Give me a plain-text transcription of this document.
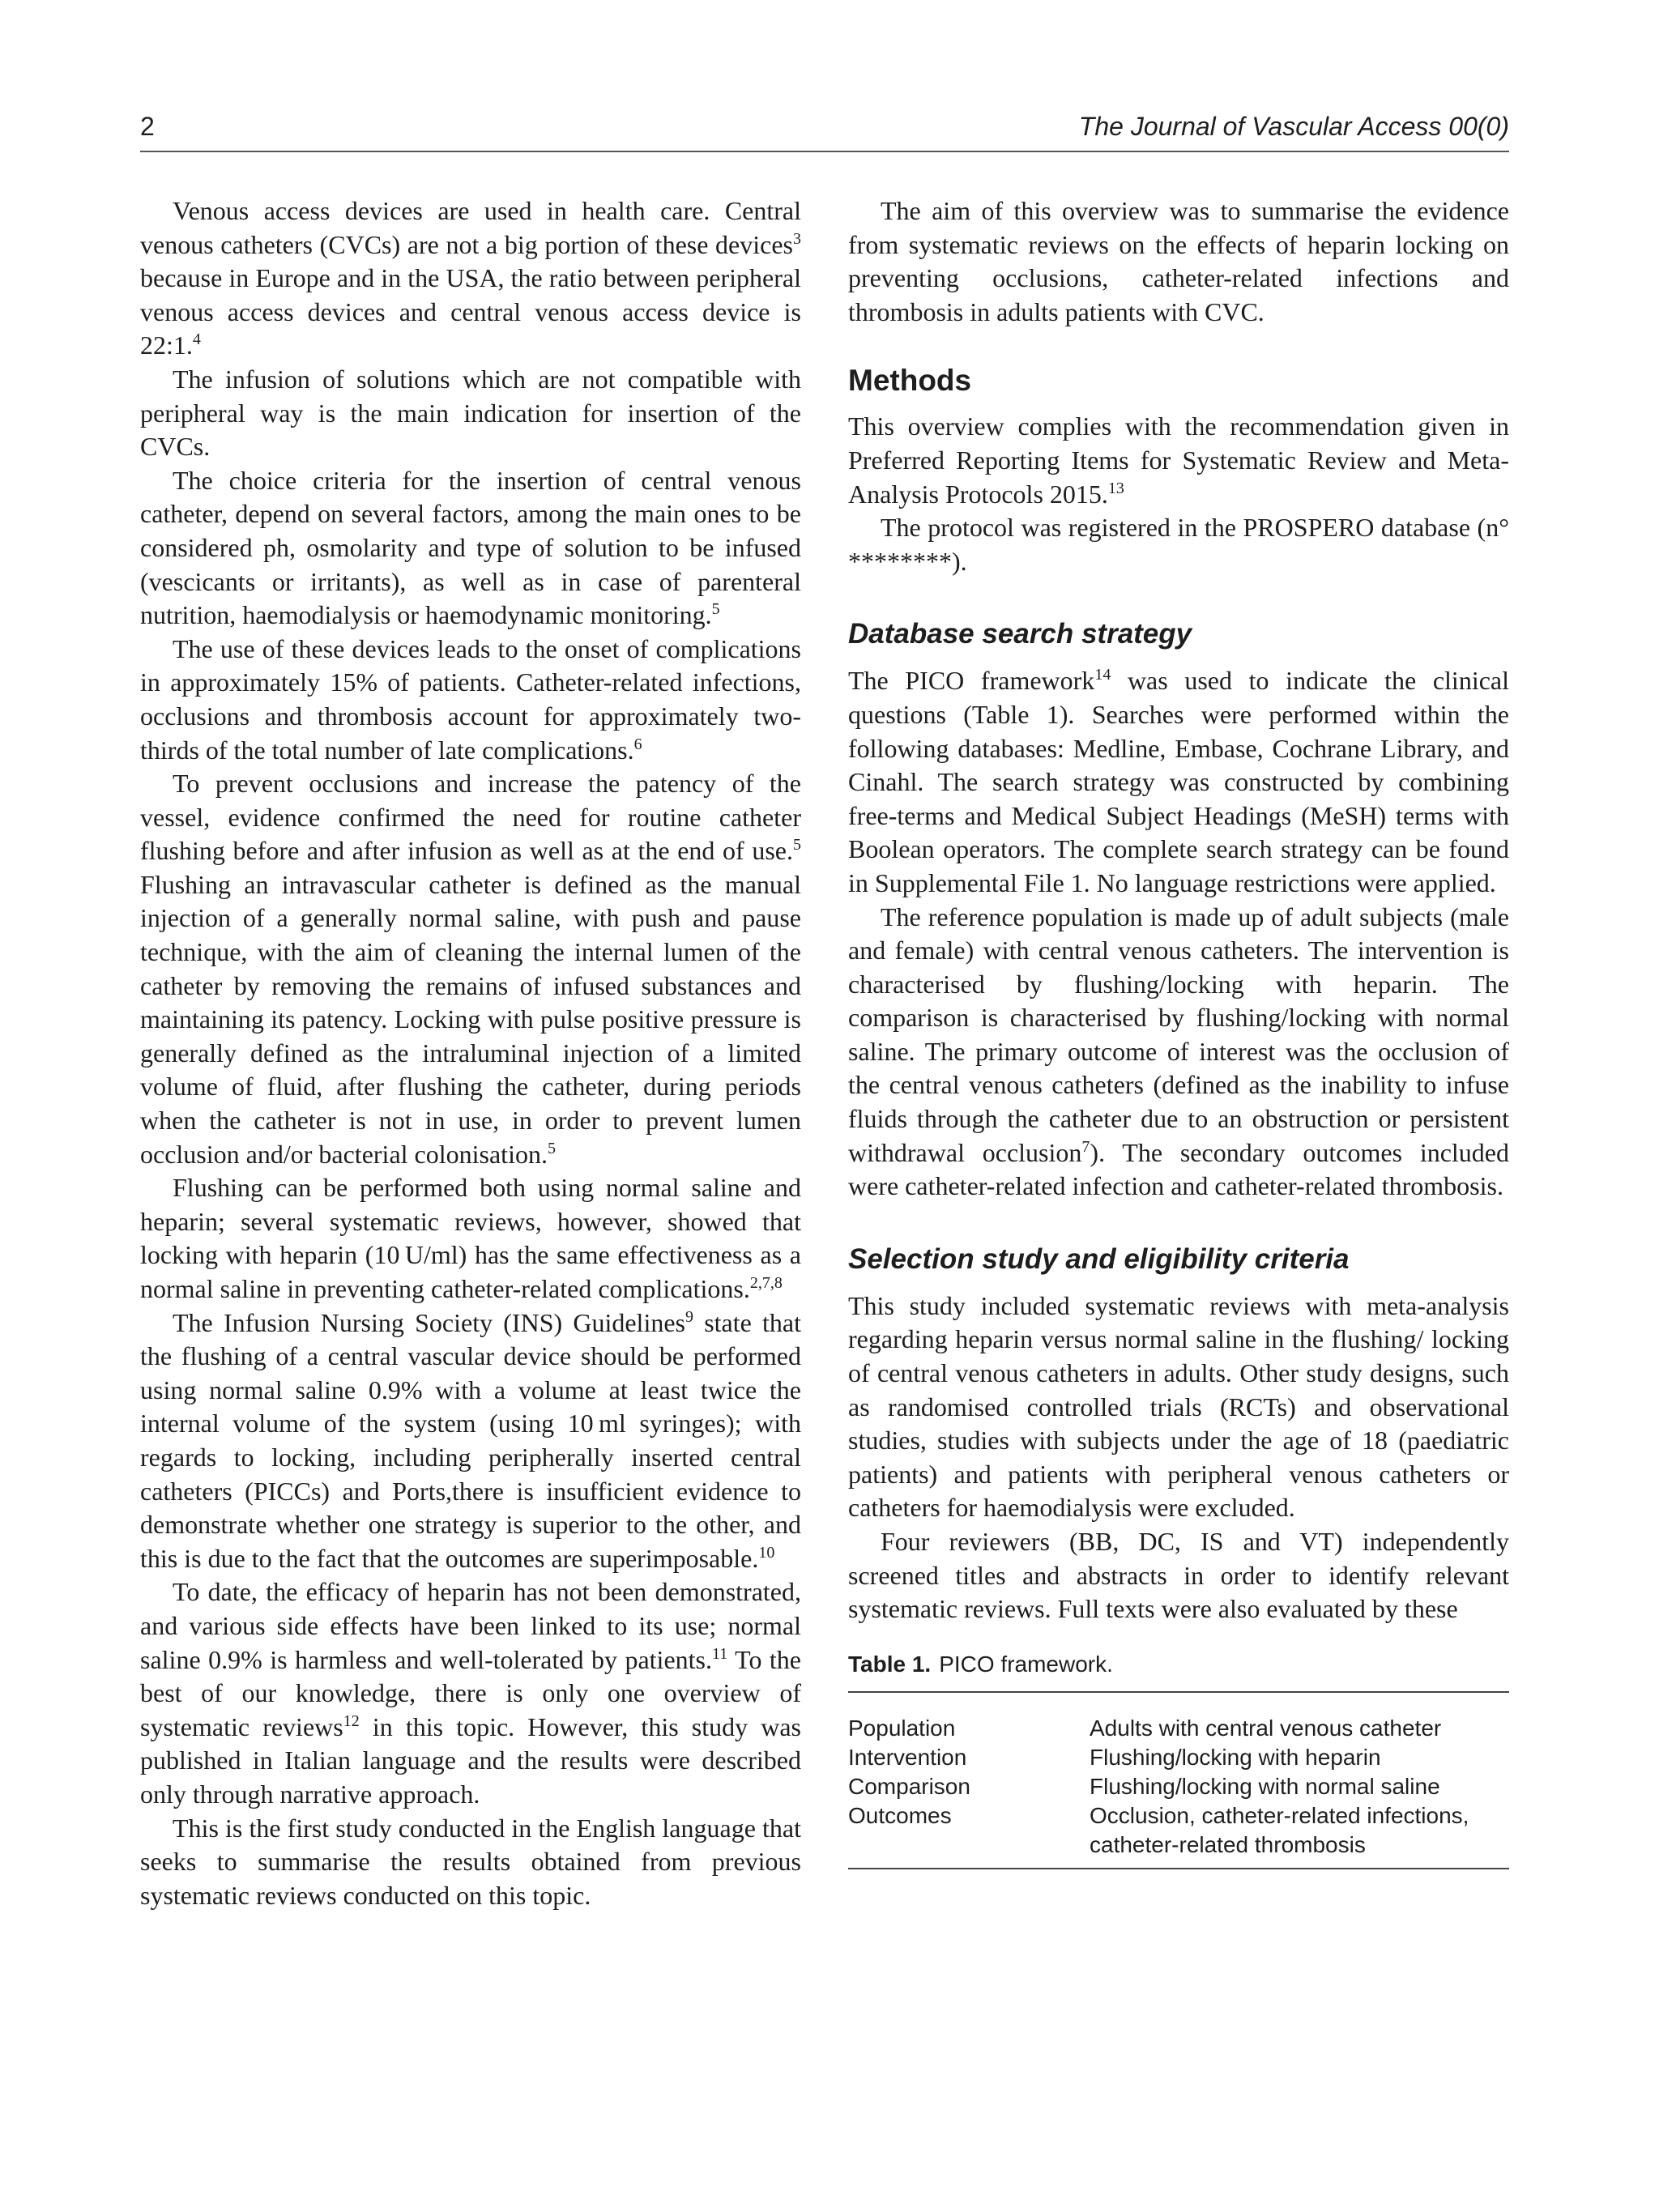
2	The Journal of Vascular Access 00(0)

Venous access devices are used in health care. Central venous catheters (CVCs) are not a big portion of these devices$^3$ because in Europe and in the USA, the ratio between peripheral venous access devices and central venous access device is 22:1.$^4$

The infusion of solutions which are not compatible with peripheral way is the main indication for insertion of the CVCs.

The choice criteria for the insertion of central venous catheter, depend on several factors, among the main ones to be considered ph, osmolarity and type of solution to be infused (vescicants or irritants), as well as in case of parenteral nutrition, haemodialysis or haemodynamic monitoring.$^5$

The use of these devices leads to the onset of complications in approximately 15% of patients. Catheter-related infections, occlusions and thrombosis account for approximately two-thirds of the total number of late complications.$^6$

To prevent occlusions and increase the patency of the vessel, evidence confirmed the need for routine catheter flushing before and after infusion as well as at the end of use.$^5$ Flushing an intravascular catheter is defined as the manual injection of a generally normal saline, with push and pause technique, with the aim of cleaning the internal lumen of the catheter by removing the remains of infused substances and maintaining its patency. Locking with pulse positive pressure is generally defined as the intraluminal injection of a limited volume of fluid, after flushing the catheter, during periods when the catheter is not in use, in order to prevent lumen occlusion and/or bacterial colonisation.$^5$

Flushing can be performed both using normal saline and heparin; several systematic reviews, however, showed that locking with heparin (10 U/ml) has the same effectiveness as a normal saline in preventing catheter-related complications.$^{2,7,8}$

The Infusion Nursing Society (INS) Guidelines$^9$ state that the flushing of a central vascular device should be performed using normal saline 0.9% with a volume at least twice the internal volume of the system (using 10 ml syringes); with regards to locking, including peripherally inserted central catheters (PICCs) and Ports,there is insufficient evidence to demonstrate whether one strategy is superior to the other, and this is due to the fact that the outcomes are superimposable.$^{10}$

To date, the efficacy of heparin has not been demonstrated, and various side effects have been linked to its use; normal saline 0.9% is harmless and well-tolerated by patients.$^{11}$ To the best of our knowledge, there is only one overview of systematic reviews$^{12}$ in this topic. However, this study was published in Italian language and the results were described only through narrative approach.

This is the first study conducted in the English language that seeks to summarise the results obtained from previous systematic reviews conducted on this topic.

The aim of this overview was to summarise the evidence from systematic reviews on the effects of heparin locking on preventing occlusions, catheter-related infections and thrombosis in adults patients with CVC.

Methods

This overview complies with the recommendation given in Preferred Reporting Items for Systematic Review and Meta-Analysis Protocols 2015.13

The protocol was registered in the PROSPERO database (n° ********).

Database search strategy

The PICO framework$^{14}$ was used to indicate the clinical questions (Table 1). Searches were performed within the following databases: Medline, Embase, Cochrane Library, and Cinahl. The search strategy was constructed by combining free-terms and Medical Subject Headings (MeSH) terms with Boolean operators. The complete search strategy can be found in Supplemental File 1. No language restrictions were applied.

The reference population is made up of adult subjects (male and female) with central venous catheters. The intervention is characterised by flushing/locking with heparin. The comparison is characterised by flushing/locking with normal saline. The primary outcome of interest was the occlusion of the central venous catheters (defined as the inability to infuse fluids through the catheter due to an obstruction or persistent withdrawal occlusion$^7$). The secondary outcomes included were catheter-related infection and catheter-related thrombosis.

Selection study and eligibility criteria

This study included systematic reviews with meta-analysis regarding heparin versus normal saline in the flushing/ locking of central venous catheters in adults. Other study designs, such as randomised controlled trials (RCTs) and observational studies, studies with subjects under the age of 18 (paediatric patients) and patients with peripheral venous catheters or catheters for haemodialysis were excluded.

Four reviewers (BB, DC, IS and VT) independently screened titles and abstracts in order to identify relevant systematic reviews. Full texts were also evaluated by these

Table 1. PICO framework.
Population	Adults with central venous catheter
Intervention	Flushing/locking with heparin
Comparison	Flushing/locking with normal saline
Outcomes	Occlusion, catheter-related infections, catheter-related thrombosis
